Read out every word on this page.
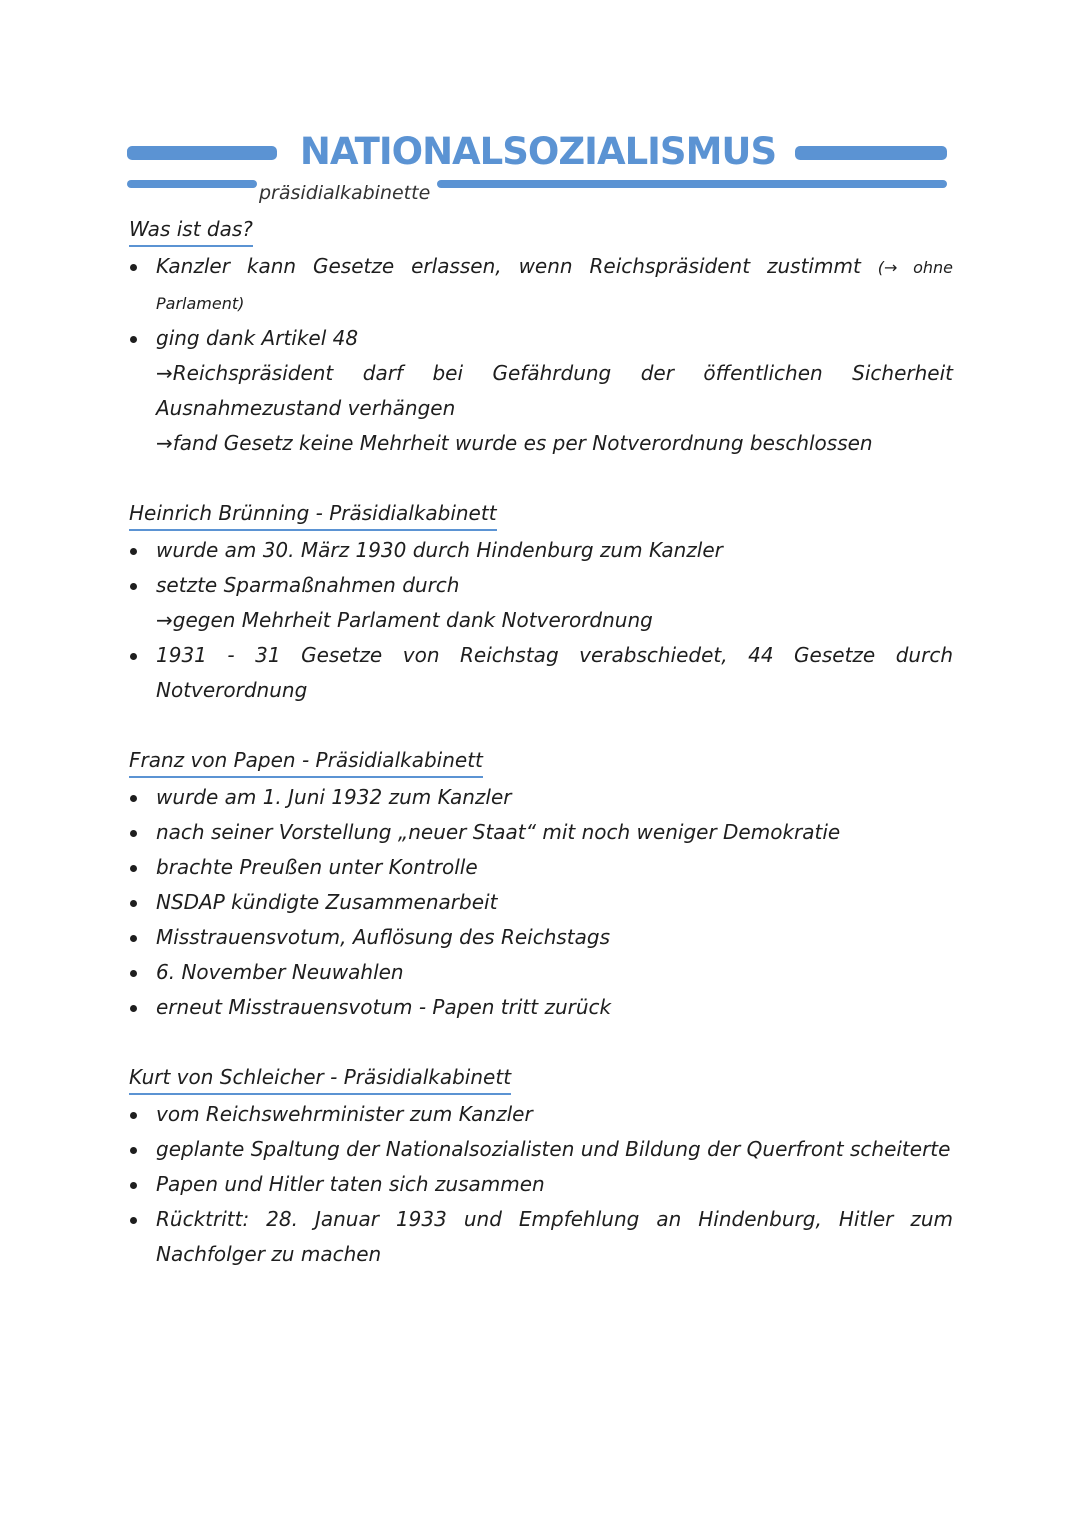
NATIONALSOZIALISMUS
präsidialkabinette
Was ist das?
Kanzler kann Gesetze erlassen, wenn Reichspräsident zustimmt (→ ohne Parlament)
ging dank Artikel 48
→Reichspräsident darf bei Gefährdung der öffentlichen Sicherheit Ausnahmezustand verhängen
→fand Gesetz keine Mehrheit wurde es per Notverordnung beschlossen
Heinrich Brünning - Präsidialkabinett
wurde am 30. März 1930 durch Hindenburg zum Kanzler
setzte Sparmaßnahmen durch
→gegen Mehrheit Parlament dank Notverordnung
1931 - 31 Gesetze von Reichstag verabschiedet, 44 Gesetze durch Notverordnung
Franz von Papen - Präsidialkabinett
wurde am 1. Juni 1932 zum Kanzler
nach seiner Vorstellung „neuer Staat“ mit noch weniger Demokratie
brachte Preußen unter Kontrolle
NSDAP kündigte Zusammenarbeit
Misstrauensvotum, Auflösung des Reichstags
6. November Neuwahlen
erneut Misstrauensvotum - Papen tritt zurück
Kurt von Schleicher - Präsidialkabinett
vom Reichswehrminister zum Kanzler
geplante Spaltung der Nationalsozialisten und Bildung der Querfront scheiterte
Papen und Hitler taten sich zusammen
Rücktritt: 28. Januar 1933 und Empfehlung an Hindenburg, Hitler zum Nachfolger zu machen
